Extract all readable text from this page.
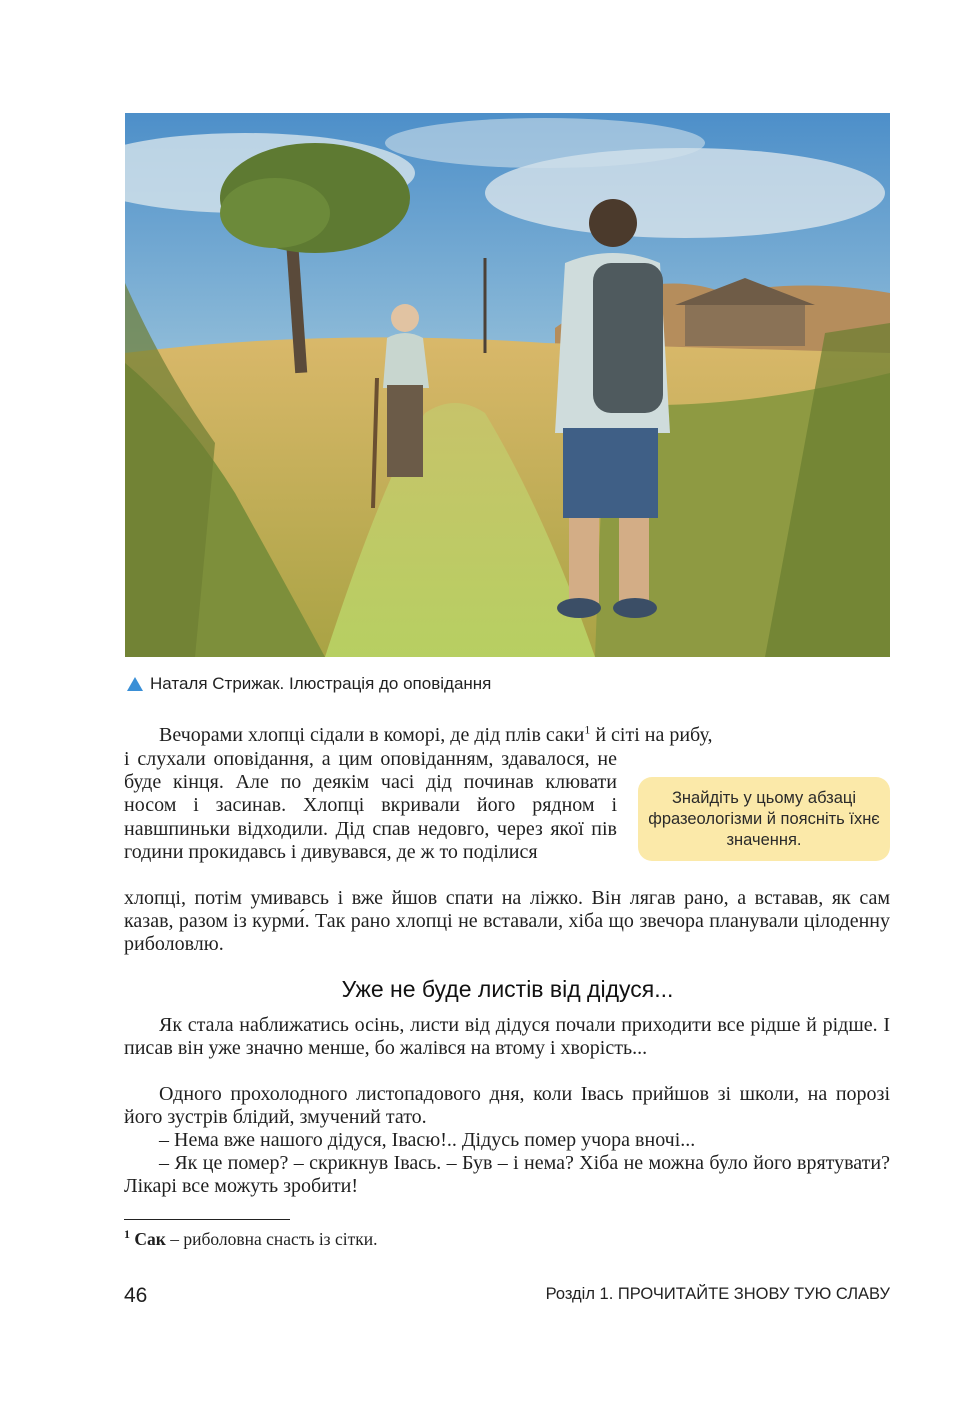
Наталя Стрижак. Ілюстрація до оповідання

Вечорами хлопці сідали в коморі, де дід плів саки$^1$ й сіті на рибу,

і слухали оповідання, а цим оповіданням, здавалося, не буде кінця. Але по деякім часі дід починав клювати носом і засинав. Хлопці вкривали його рядном і навшпиньки відходили. Дід спав недовго, через якої пів години прокидавсь і дивувався, де ж то поділися

хлопці, потім умивавсь і вже йшов спати на ліжко. Він лягав рано, а вставав, як сам казав, разом із курми́. Так рано хлопці не вставали, хіба що звечора планували цілоденну риболовлю.

Знайдіть у цьому абзаці фразеологізми й поясніть їхнє значення.
Уже не буде листів від дідуся...

Як стала наближатись осінь, листи від дідуся почали приходити все рідше й рідше. І писав він уже значно менше, бо жалівся на втому і хворість...

Одного прохолодного листопадового дня, коли Івась прийшов зі школи, на порозі його зустрів блідий, змучений тато.

– Нема вже нашого дідуся, Івасю!.. Дідусь помер учора вночі...

– Як це помер? – скрикнув Івась. – Був – і нема? Хіба не можна було його врятувати? Лікарі все можуть зробити!

$^1$ Сак – риболовна снасть із сітки.
46	Розділ 1. ПРОЧИТАЙТЕ ЗНОВУ ТУЮ СЛАВУ
